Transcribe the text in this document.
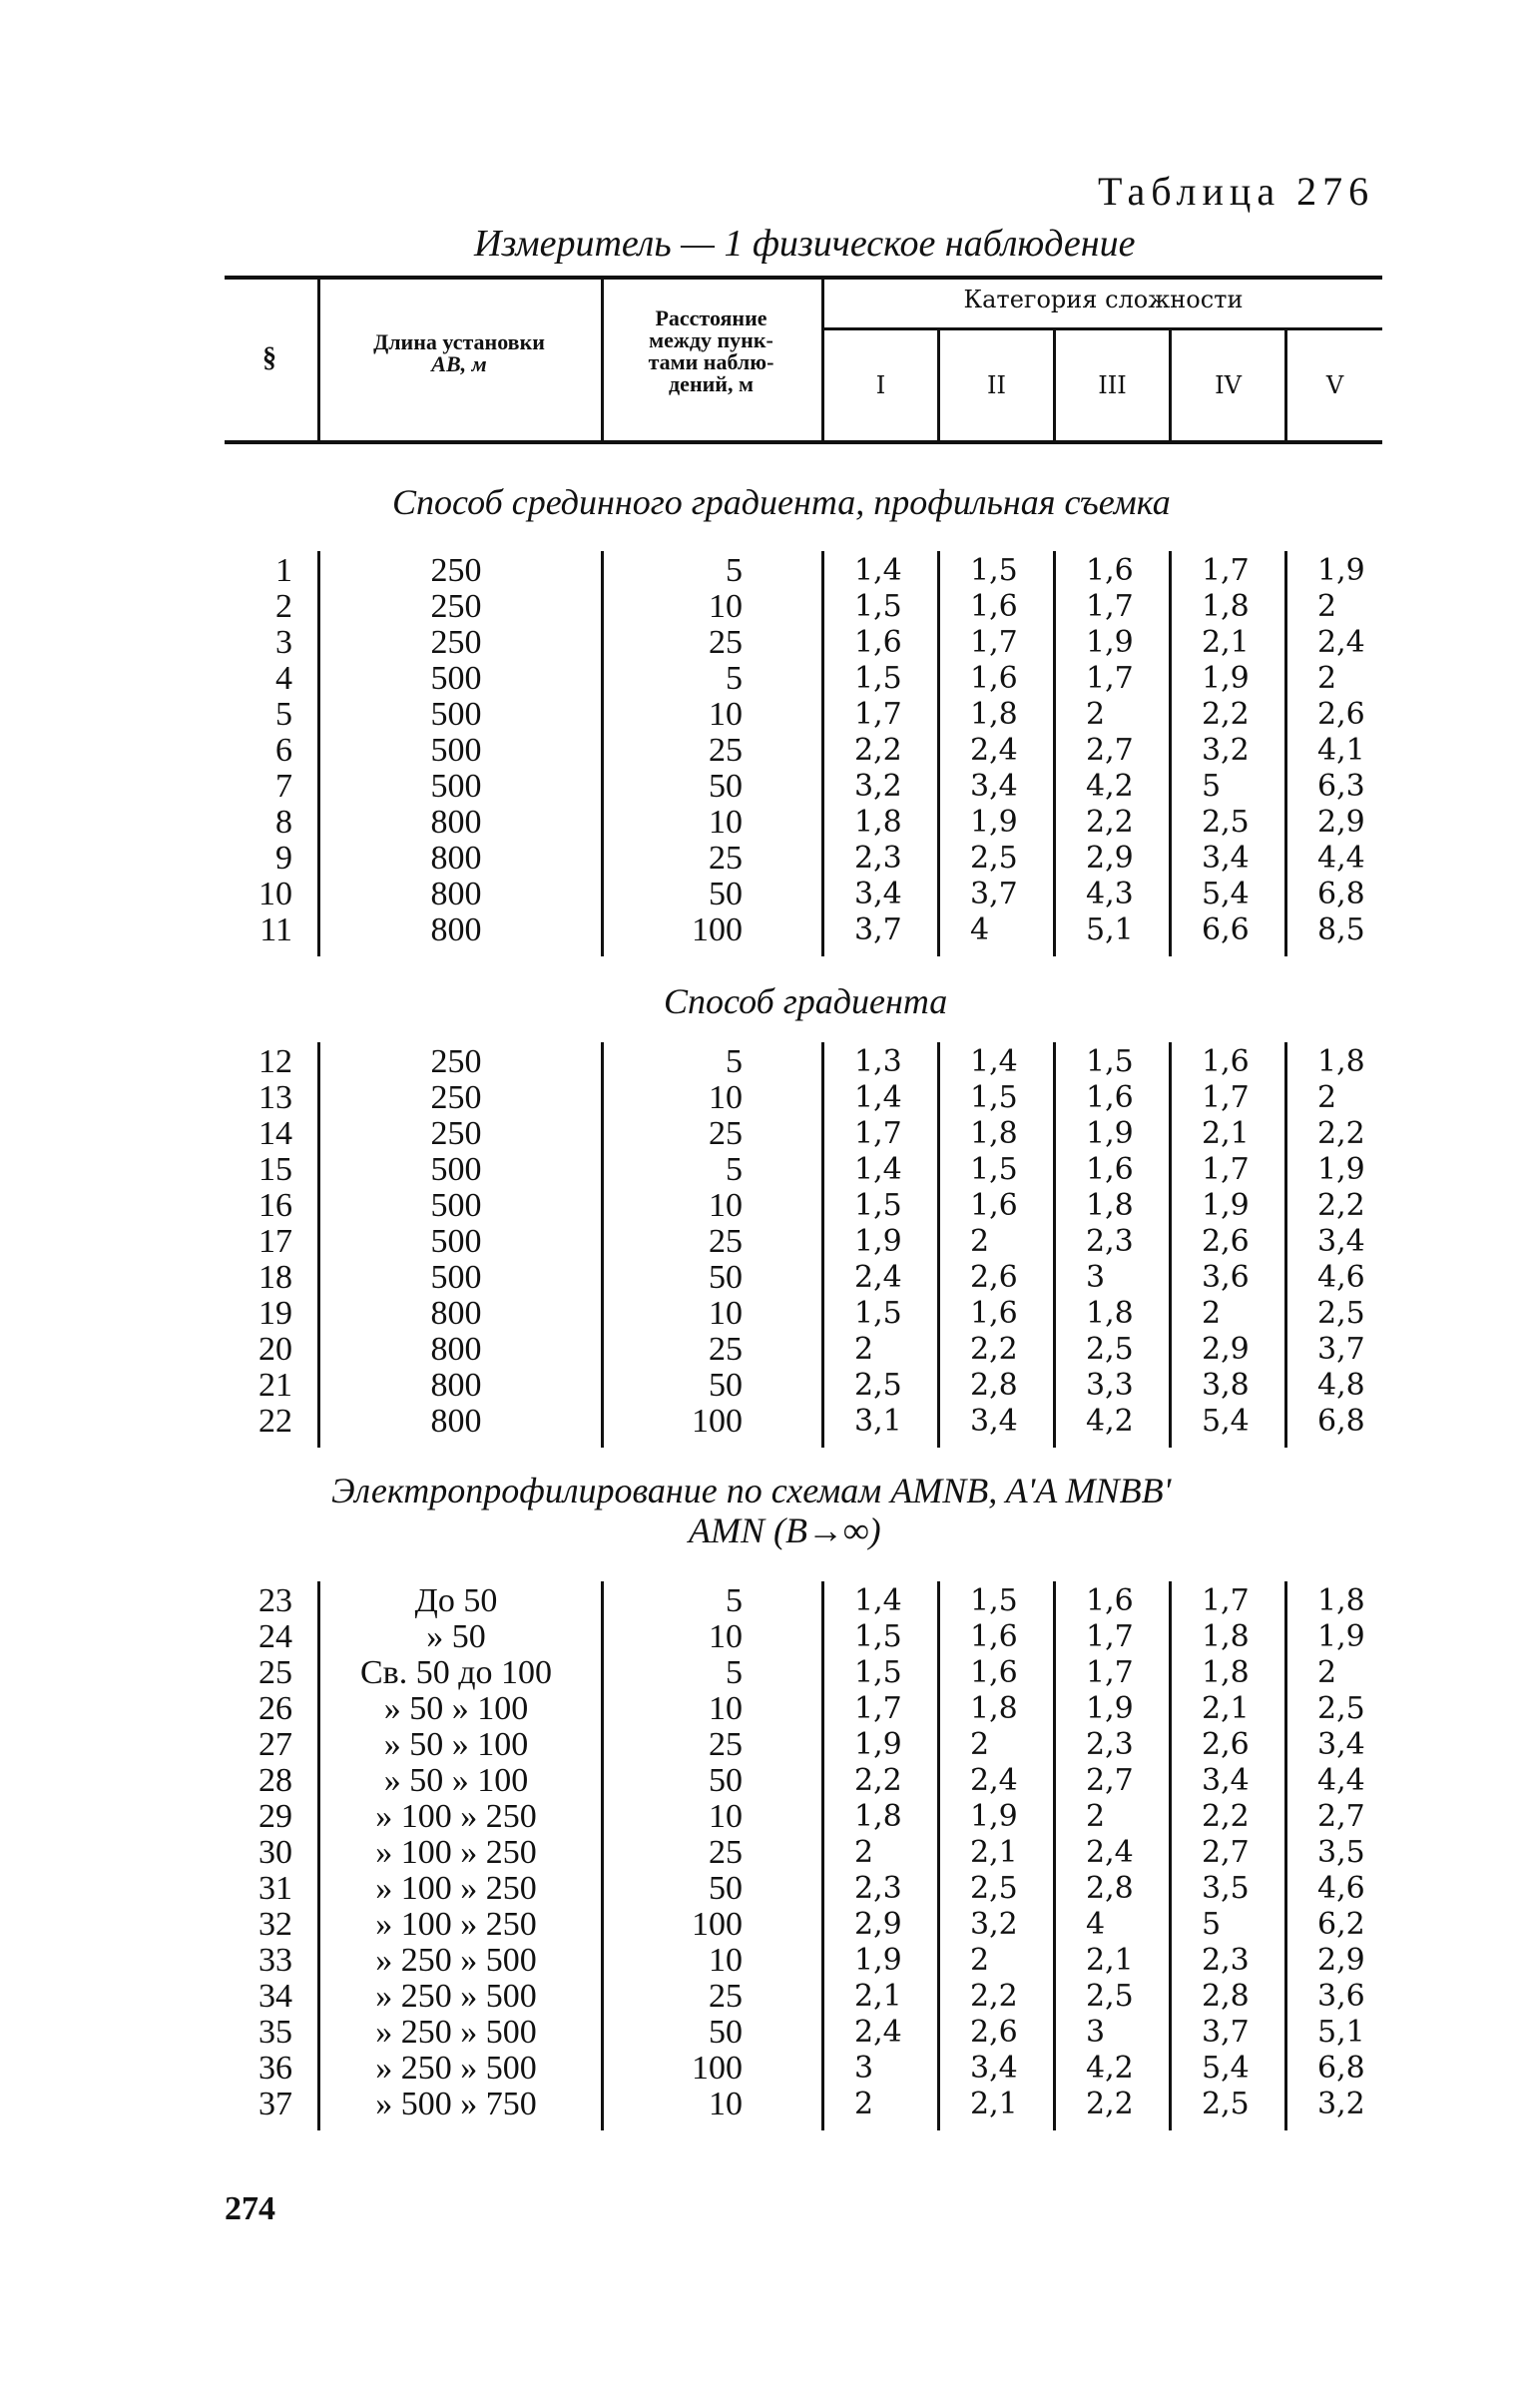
Таблица 276
Измеритель — 1 физическое наблюдение
§
Длина установки
AB, м
Расстояние
между пунк-
тами наблю-
дений, м
Категория сложности
I	II	III	IV	V
Способ срединного градиента, профильная съемка
Способ градиента
Электропрофилирование по схемам AMNB, A'A MNBB'
AMN (B→∞)
1	250	5	1,4 1,5 1,6 1,7 1,9
2	250	10	1,5 1,6 1,7 1,8 2
3	250	25	1,6 1,7 1,9 2,1 2,4
4	500	5	1,5 1,6 1,7 1,9 2
5	500	10	1,7 1,8 2	2,2 2,6
6	500	25	2,2 2,4 2,7 3,2 4,1
7	500	50	3,2 3,4 4,2 5	6,3
8	800	10	1,8 1,9 2,2 2,5 2,9
9	800	25	2,3 2,5 2,9 3,4 4,4
10	800	50	3,4 3,7 4,3 5,4 6,8
11	800	100	3,7 4	5,1 6,6 8,5
12	250	5	1,3 1,4 1,5 1,6 1,8
13	250	10	1,4 1,5 1,6 1,7 2
14	250	25	1,7 1,8 1,9 2,1 2,2
15	500	5	1,4 1,5 1,6 1,7 1,9
16	500	10	1,5 1,6 1,8 1,9 2,2
17	500	25	1,9 2	2,3 2,6 3,4
18	500	50	2,4 2,6 3	3,6 4,6
19	800	10	1,5 1,6 1,8 2	2,5
20	800	25	2	2,2 2,5 2,9 3,7
21	800	50	2,5 2,8 3,3 3,8 4,8
22	800	100	3,1 3,4 4,2 5,4 6,8
23	До 50	5	1,4 1,5 1,6 1,7 1,8
24	» 50	10	1,5 1,6 1,7 1,8 1,9
25	Св. 50 до 100	5	1,5 1,6 1,7 1,8 2
26	» 50 » 100	10	1,7 1,8 1,9 2,1 2,5
27	» 50 » 100	25	1,9 2	2,3 2,6 3,4
28	» 50 » 100	50	2,2 2,4 2,7 3,4 4,4
29	» 100 » 250	10	1,8 1,9 2	2,2 2,7
30	» 100 » 250	25	2	2,1 2,4 2,7 3,5
31	» 100 » 250	50	2,3 2,5 2,8 3,5 4,6
32	» 100 » 250	100	2,9 3,2 4	5	6,2
33	» 250 » 500	10	1,9 2	2,1 2,3 2,9
34	» 250 » 500	25	2,1 2,2 2,5 2,8 3,6
35	» 250 » 500	50	2,4 2,6 3	3,7 5,1
36	» 250 » 500	100	3	3,4 4,2 5,4 6,8
37	» 500 » 750	10	2	2,1 2,2 2,5 3,2
274
